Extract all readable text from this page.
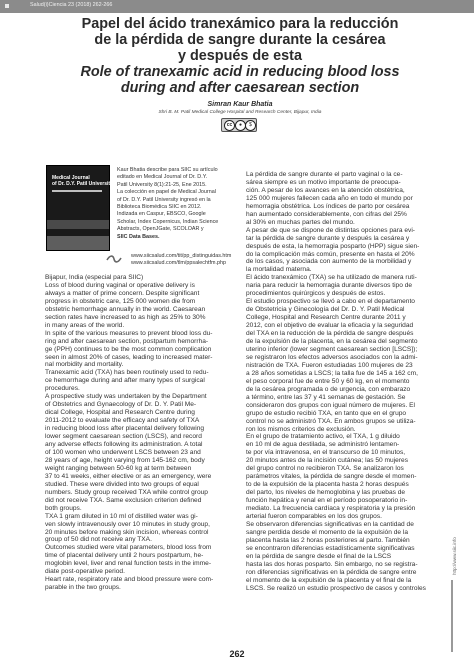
Salud(i)Ciencia 23 (2018) 262-266
Papel del ácido tranexámico para la reducción
de la pérdida de sangre durante la cesárea
y después de esta
Role of tranexamic acid in reducing blood loss
during and after caesarean section
Simran Kaur Bhatia
Shri B. M. Patil Medical College Hospital and Research Center, Bijapur, India
cc	●	$
Medical Journal
of Dr. D.Y. Patil University
Kaur Bhatia describe para SIIC su artículo
editado en Medical Journal of Dr. D.Y.
Patil University 8(1):21-25, Ene 2015.
La colección en papel de Medical Journal
of Dr. D.Y. Patil University ingresó en la
Biblioteca Biomédica SIIC en 2012.
Indizada en Caspur, EBSCO, Google
Scholar, Index Copernicus, Indian Science
Abstracts, OpenJGate, SCOLOAR y
SIIC Data Bases.
www.siicsalud.com/tit/pp_distinguidas.htm
www.siicsalud.com/tlm/ppsalechtfm.php
Bijapur, India (especial para SIIC)
Loss of blood during vaginal or operative delivery is
always a matter of prime concern. Despite significant
progress in obstetric care, 125 000 women die from
obstetric hemorrhage annually in the world. Caesarean
section rates have increased to as high as 25% to 30%
in many areas of the world.
In spite of the various measures to prevent blood loss du-
ring and after caesarean section, postpartum hemorrha-
ge (PPH) continues to be the most common complication
seen in almost 20% of cases, leading to increased mater-
nal morbidity and mortality.
Tranexamic acid (TXA) has been routinely used to redu-
ce hemorrhage during and after many types of surgical
procedures.
A prospective study was undertaken by the Department
of Obstetrics and Gynaecology of Dr. D. Y. Patil Me-
dical College, Hospital and Research Centre during
2011-2012 to evaluate the efficacy and safety of TXA
in reducing blood loss after placental delivery following
lower segment caesarean section (LSCS), and record
any adverse effects following its administration. A total
of 100 women who underwent LSCS between 23 and
28 years of age, height varying from 145-162 cm, body
weight ranging between 50-60 kg at term between
37 to 41 weeks, either elective or as an emergency, were
studied. These were divided into two groups of equal
numbers. Study group received TXA while control group
did not receive TXA. Same exclusion criterion defined
both groups.
TXA 1 gram diluted in 10 ml of distilled water was gi-
ven slowly intravenously over 10 minutes in study group,
20 minutes before making skin incision, whereas control
group of 50 did not receive any TXA.
Outcomes studied were vital parameters, blood loss from
time of placental delivery until 2 hours postpartum, he-
moglobin level, liver and renal function tests in the imme-
diate post-operative period.
Heart rate, respiratory rate and blood pressure were com-
parable in the two groups.
La pérdida de sangre durante el parto vaginal o la ce-
sárea siempre es un motivo importante de preocupa-
ción. A pesar de los avances en la atención obstétrica,
125 000 mujeres fallecen cada año en todo el mundo por
hemorragia obstétrica. Los índices de parto por cesárea
han aumentado considerablemente, con cifras del 25%
al 30% en muchas partes del mundo.
A pesar de que se dispone de distintas opciones para evi-
tar la pérdida de sangre durante y después la cesárea y
después de esta, la hemorragia posparto (HPP) sigue sien-
do la complicación más común, presente en hasta el 20%
de los casos, y asociada con aumento de la morbilidad y
la mortalidad materna.
El ácido tranexámico (TXA) se ha utilizado de manera ruti-
naria para reducir la hemorragia durante diversos tipo de
procedimientos quirúrgicos y después de estos.
El estudio prospectivo se llevó a cabo en el departamento
de Obstetricia y Ginecología del Dr. D. Y. Patil Medical
College, Hospital and Research Centre durante 2011 y
2012, con el objetivo de evaluar la eficacia y la seguridad
del TXA en la reducción de la pérdida de sangre después
de la expulsión de la placenta, en la cesárea del segmento
uterino inferior (lower segment caesarean section [LSCS]);
se registraron los efectos adversos asociados con la admi-
nistración de TXA. Fueron estudiadas 100 mujeres de 23
a 28 años sometidas a LSCS; la talla fue de 145 a 162 cm,
el peso corporal fue de entre 50 y 60 kg, en el momento
de la cesárea programada o de urgencia, con embarazo
a término, entre las 37 y 41 semanas de gestación. Se
consideraron dos grupos con igual número de mujeres. El
grupo de estudio recibió TXA, en tanto que en el grupo
control no se administró TXA. En ambos grupos se utiliza-
ron los mismos criterios de exclusión.
En el grupo de tratamiento activo, el TXA, 1 g diluido
en 10 ml de agua destilada, se administró lentamen-
te por vía intravenosa, en el transcurso de 10 minutos,
20 minutos antes de la incisión cutánea; las 50 mujeres
del grupo control no recibieron TXA. Se analizaron los
parámetros vitales, la pérdida de sangre desde el momen-
to de la expulsión de la placenta hasta 2 horas después
del parto, los niveles de hemoglobina y las pruebas de
función hepática y renal en el período posoperatorio in-
mediato. La frecuencia cardíaca y respiratoria y la presión
arterial fueron comparables en los dos grupos.
Se observaron diferencias significativas en la cantidad de
sangre perdida desde el momento de la expulsión de la
placenta hasta las 2 horas posteriores al parto. También
se encontraron diferencias estadísticamente significativas
en la pérdida de sangre desde el final de la LSCS
hasta las dos horas posparto. Sin embargo, no se registra-
ron diferencias significativas en la pérdida de sangre entre
el momento de la expulsión de la placenta y el final de la
LSCS. Se realizó un estudio prospectivo de casos y controles
262
http://www.siic.info
